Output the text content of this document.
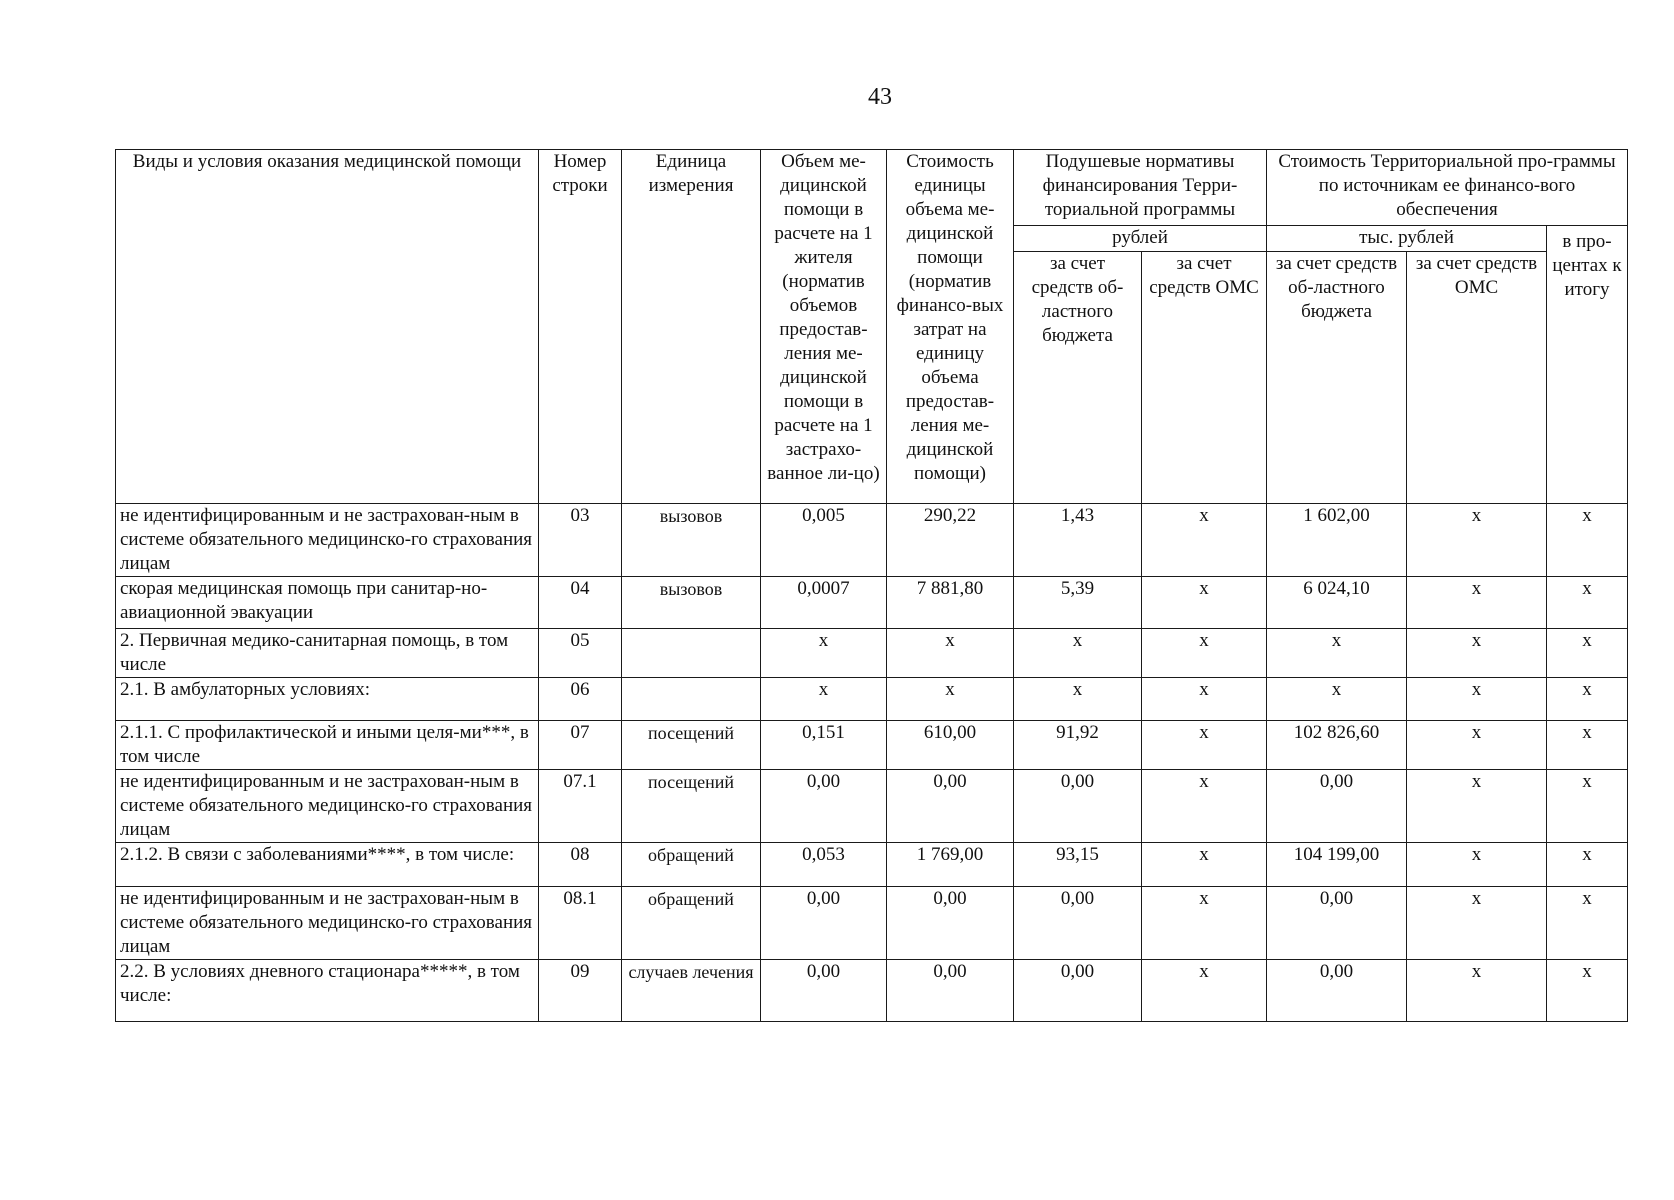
43
Виды и условия оказания медицинской помощи	Номер строки	Единица измерения	Объем ме-дицинской помощи в расчете на 1 жителя (норматив объемов предостав-ления ме-дицинской помощи в расчете на 1 застрахо-ванное ли-цо)	Стоимость единицы объема ме-дицинской помощи (норматив финансо-вых затрат на единицу объема предостав-ления ме-дицинской помощи)	Подушевые нормативы финансирования Терри-ториальной программы		Стоимость Территориальной про-граммы по источникам ее финансо-вого обеспечения		
					рублей		тыс. рублей		в про-центах к итогу
					за счет средств об-ластного бюджета	за счет средств ОМС	за счет средств об-ластного бюджета	за счет средств ОМС	

не идентифицированным и не застрахован-ным в системе обязательного медицинско-го страхования лицам	03	вызовов	0,005	290,22	1,43	x	1 602,00	x	x
скорая медицинская помощь при санитар-но-авиационной эвакуации	04	вызовов	0,0007	7 881,80	5,39	x	6 024,10	x	x
2. Первичная медико-санитарная помощь, в том числе	05		x	x	x	x	x	x	x
2.1. В амбулаторных условиях:	06		x	x	x	x	x	x	x
2.1.1. С профилактической и иными целя-ми***, в том числе	07	посещений	0,151	610,00	91,92	x	102 826,60	x	x
не идентифицированным и не застрахован-ным в системе обязательного медицинско-го страхования лицам	07.1	посещений	0,00	0,00	0,00	x	0,00	x	x
2.1.2. В связи с заболеваниями****, в том числе:	08	обращений	0,053	1 769,00	93,15	x	104 199,00	x	x
не идентифицированным и не застрахован-ным в системе обязательного медицинско-го страхования лицам	08.1	обращений	0,00	0,00	0,00	x	0,00	x	x
2.2. В условиях дневного стационара*****, в том числе:	09	случаев лечения	0,00	0,00	0,00	x	0,00	x	x
